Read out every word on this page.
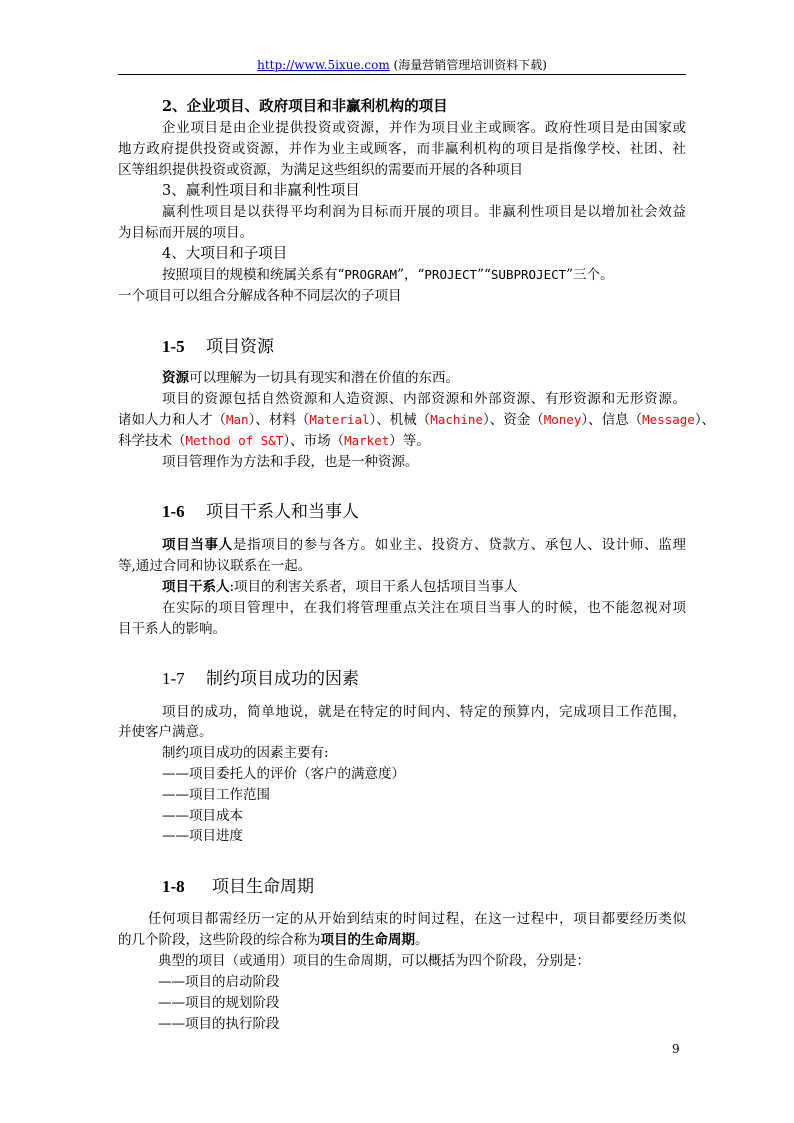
http://www.5ixue.com (海量营销管理培训资料下载)
2、企业项目、政府项目和非赢利机构的项目
企业项目是由企业提供投资或资源，并作为项目业主或顾客。政府性项目是由国家或
地方政府提供投资或资源，并作为业主或顾客，而非赢利机构的项目是指像学校、社团、社
区等组织提供投资或资源，为满足这些组织的需要而开展的各种项目
3、赢利性项目和非赢利性项目
赢利性项目是以获得平均利润为目标而开展的项目。非赢利性项目是以增加社会效益
为目标而开展的项目。
4、大项目和子项目
按照项目的规模和统属关系有“PROGRAM”，“PROJECT”“SUBPROJECT”三个。
一个项目可以组合分解成各种不同层次的子项目
1-5 项目资源
资源可以理解为一切具有现实和潜在价值的东西。
项目的资源包括自然资源和人造资源、内部资源和外部资源、有形资源和无形资源。
诸如人力和人才（Man）、材料（Material）、机械（Machine）、资金（Money）、信息（Message）、
科学技术（Method of S&T）、市场（Market）等。
项目管理作为方法和手段，也是一种资源。
1-6 项目干系人和当事人
项目当事人是指项目的参与各方。如业主、投资方、贷款方、承包人、设计师、监理
等,通过合同和协议联系在一起。
项目干系人:项目的利害关系者，项目干系人包括项目当事人
在实际的项目管理中，在我们将管理重点关注在项目当事人的时候，也不能忽视对项
目干系人的影响。
1-7 制约项目成功的因素
项目的成功，简单地说，就是在特定的时间内、特定的预算内，完成项目工作范围，
并使客户满意。
制约项目成功的因素主要有:
——项目委托人的评价（客户的满意度）
——项目工作范围
——项目成本
——项目进度
1-8 项目生命周期
任何项目都需经历一定的从开始到结束的时间过程，在这一过程中，项目都要经历类似
的几个阶段，这些阶段的综合称为项目的生命周期。
典型的项目（或通用）项目的生命周期，可以概括为四个阶段，分别是：
——项目的启动阶段
——项目的规划阶段
——项目的执行阶段
9
